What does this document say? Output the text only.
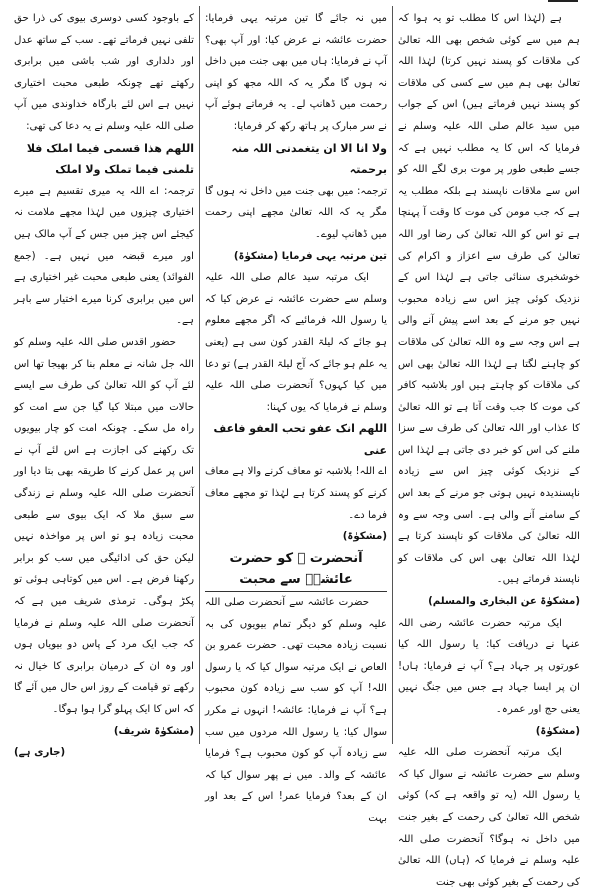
ہے (لہٰذا اس کا مطلب تو یہ ہوا کہ ہم میں سے کوئی شخص بھی اللہ تعالیٰ کی ملاقات کو پسند نہیں کرتا) لہٰذا اللہ تعالیٰ بھی ہم میں سے کسی کی ملاقات کو پسند نہیں فرماتے ہیں) اس کے جواب میں سید عالم صلی اللہ علیہ وسلم نے فرمایا کہ اس کا یہ مطلب نہیں ہے کہ جسے طبعی طور پر موت بری لگے اللہ کو اس سے ملاقات ناپسند ہے بلکہ مطلب یہ ہے کہ جب مومن کی موت کا وقت آ پہنچا ہے تو اس کو اللہ تعالیٰ کی رضا اور اللہ تعالیٰ کی طرف سے اعزاز و اکرام کی خوشخبری سنائی جاتی ہے لہٰذا اس کے نزدیک کوئی چیز اس سے زیادہ محبوب نہیں جو مرنے کے بعد اسے پیش آنے والی ہے اس وجہ سے وہ اللہ تعالیٰ کی ملاقات کو چاہنے لگتا ہے لہٰذا اللہ تعالیٰ بھی اس کی ملاقات کو چاہتے ہیں اور بلاشبہ کافر کی موت کا جب وقت آتا ہے تو اللہ تعالیٰ کا عذاب اور اللہ تعالیٰ کی طرف سے سزا ملنے کی اس کو خبر دی جاتی ہے لہٰذا اس کے نزدیک کوئی چیز اس سے زیادہ ناپسندیدہ نہیں ہوتی جو مرنے کے بعد اس کے سامنے آنے والی ہے۔ اسی وجہ سے وہ اللہ تعالیٰ کی ملاقات کو ناپسند کرتا ہے لہٰذا اللہ تعالیٰ بھی اس کی ملاقات کو ناپسند فرماتے ہیں۔

(مشکوٰۃ عن البخاری والمسلم)

ایک مرتبہ حضرت عائشہ رضی اللہ عنہا نے دریافت کیا: یا رسول اللہ کیا عورتوں پر جہاد ہے؟ آپ نے فرمایا: ہاں! ان پر ایسا جہاد ہے جس میں جنگ نہیں یعنی حج اور عمرہ۔

(مشکوٰۃ)

ایک مرتبہ آنحضرت صلی اللہ علیہ وسلم سے حضرت عائشہ نے سوال کیا کہ یا رسول اللہ (یہ تو واقعہ ہے کہ) کوئی شخص اللہ تعالیٰ کی رحمت کے بغیر جنت میں داخل نہ ہوگا؟ آنحضرت صلی اللہ علیہ وسلم نے فرمایا کہ (ہاں) اللہ تعالیٰ کی رحمت کے بغیر کوئی بھی جنت

میں نہ جائے گا تین مرتبہ یہی فرمایا: حضرت عائشہ نے عرض کیا: اور آپ بھی؟ آپ نے فرمایا: ہاں میں بھی جنت میں داخل نہ ہوں گا مگر یہ کہ اللہ مجھ کو اپنی رحمت میں ڈھانپ لے۔ یہ فرماتے ہوئے آپ نے سر مبارک پر ہاتھ رکھ کر فرمایا:

ولا انا الا ان یتغمدنی اللہ منہ برحمتہ

ترجمہ: میں بھی جنت میں داخل نہ ہوں گا مگر یہ کہ اللہ تعالیٰ مجھے اپنی رحمت میں ڈھانپ لیوے۔

تین مرتبہ یہی فرمایا (مشکوٰۃ)

ایک مرتبہ سید عالم صلی اللہ علیہ وسلم سے حضرت عائشہ نے عرض کیا کہ یا رسول اللہ فرمائیے کہ اگر مجھے معلوم ہو جائے کہ لیلۃ القدر کون سی ہے (یعنی یہ علم ہو جائے کہ آج لیلۃ القدر ہے) تو دعا میں کیا کہوں؟ آنحضرت صلی اللہ علیہ وسلم نے فرمایا کہ یوں کہنا:

اللھم انک عفو تحب العفو فاعف عنی

اے اللہ! بلاشبہ تو معاف کرنے والا ہے معاف کرنے کو پسند کرتا ہے لہٰذا تو مجھے معاف فرما دے۔

(مشکوٰۃ)

آنحضرت ﷺ کو حضرت عائشہؓ سے محبت

حضرت عائشہ سے آنحضرت صلی اللہ علیہ وسلم کو دیگر تمام بیویوں کی بہ نسبت زیادہ محبت تھی۔ حضرت عمرو بن العاص نے ایک مرتبہ سوال کیا کہ یا رسول اللہ! آپ کو سب سے زیادہ کون محبوب ہے؟ آپ نے فرمایا: عائشہ! انہوں نے مکرر سوال کیا: یا رسول اللہ مردوں میں سب سے زیادہ آپ کو کون محبوب ہے؟ فرمایا عائشہ کے والد۔ میں نے پھر سوال کیا کہ ان کے بعد؟ فرمایا عمر! اس کے بعد اور بہت

کے باوجود کسی دوسری بیوی کی ذرا حق تلفی نہیں فرماتے تھے۔ سب کے ساتھ عدل اور دلداری اور شب باشی میں برابری رکھتے تھے چونکہ طبعی محبت اختیاری نہیں ہے اس لئے بارگاہ خداوندی میں آپ صلی اللہ علیہ وسلم نے یہ دعا کی تھی:

اللھم ھذا قسمی فیما املک فلا تلمنی فیما تملک ولا املک

ترجمہ: اے اللہ یہ میری تقسیم ہے میرے اختیاری چیزوں میں لہٰذا مجھے ملامت نہ کیجئے اس چیز میں جس کے آپ مالک ہیں اور میرے قبضہ میں نہیں ہے۔ (جمع الفوائد) یعنی طبعی محبت غیر اختیاری ہے اس میں برابری کرنا میرے اختیار سے باہر ہے۔

حضور اقدس صلی اللہ علیہ وسلم کو اللہ جل شانہ نے معلم بنا کر بھیجا تھا اس لئے آپ کو اللہ تعالیٰ کی طرف سے ایسے حالات میں مبتلا کیا گیا جن سے امت کو راہ مل سکے۔ چونکہ امت کو چار بیویوں تک رکھنے کی اجازت ہے اس لئے آپ نے اس پر عمل کرنے کا طریقہ بھی بتا دیا اور آنحضرت صلی اللہ علیہ وسلم نے زندگی سے سبق ملا کہ ایک بیوی سے طبعی محبت زیادہ ہو تو اس پر مواخذہ نہیں لیکن حق کی ادائیگی میں سب کو برابر رکھنا فرض ہے۔ اس میں کوتاہی ہوئی تو پکڑ ہوگی۔ ترمذی شریف میں ہے کہ آنحضرت صلی اللہ علیہ وسلم نے فرمایا کہ جب ایک مرد کے پاس دو بیویاں ہوں اور وہ ان کے درمیان برابری کا خیال نہ رکھے تو قیامت کے روز اس حال میں آئے گا کہ اس کا ایک پہلو گرا ہوا ہوگا۔

(مشکوٰۃ شریف)

(جاری ہے)
